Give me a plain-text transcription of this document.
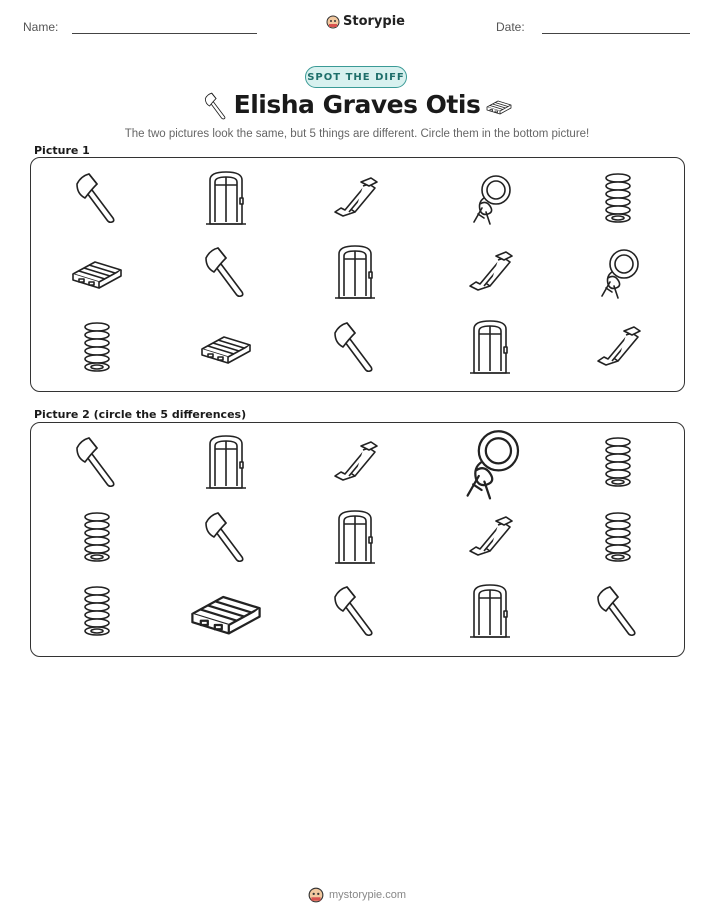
Name:	Storypie	Date:
SPOT THE DIFF
Elisha Graves Otis
The two pictures look the same, but 5 things are different. Circle them in the bottom picture!
Picture 1
Picture 2 (circle the 5 differences)
mystorypie.com
